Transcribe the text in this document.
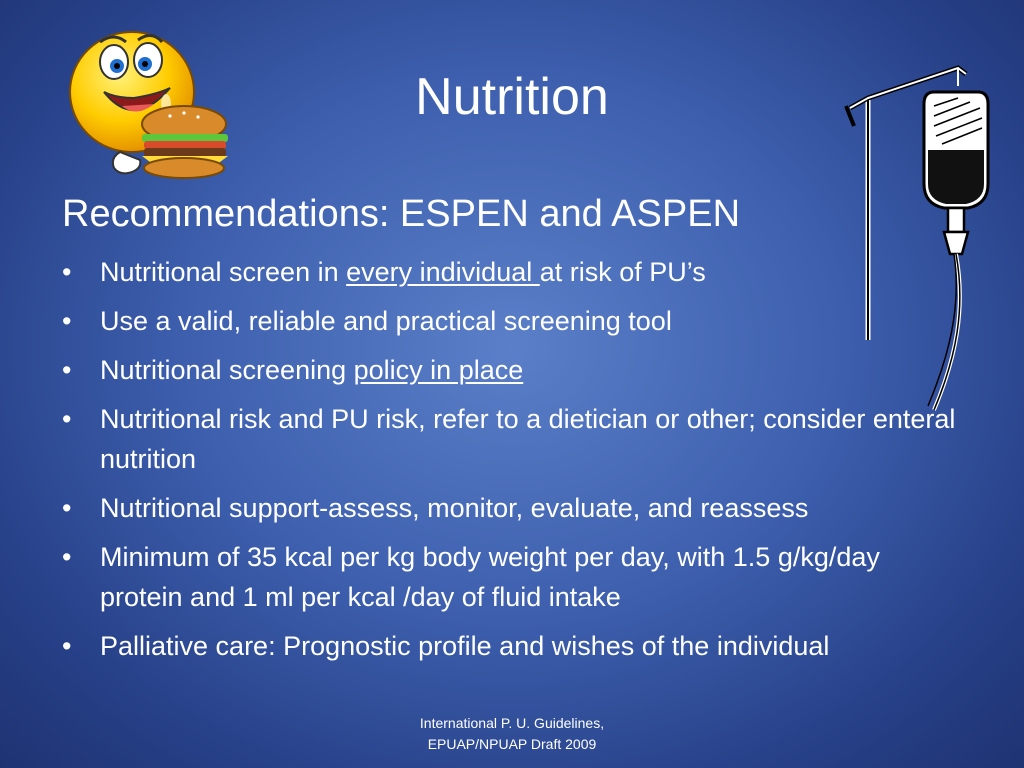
Nutrition
Recommendations: ESPEN and ASPEN
• Nutritional screen in every individual at risk of PU’s
• Use a valid, reliable and practical screening tool
• Nutritional screening policy in place
• Nutritional risk and PU risk, refer to a dietician or other; consider enteral nutrition
• Nutritional support-assess, monitor, evaluate, and reassess
• Minimum of 35 kcal per kg body weight per day, with 1.5 g/kg/day protein and 1 ml per kcal /day of fluid intake
• Palliative care: Prognostic profile and wishes of the individual
International P. U. Guidelines,
EPUAP/NPUAP Draft 2009
